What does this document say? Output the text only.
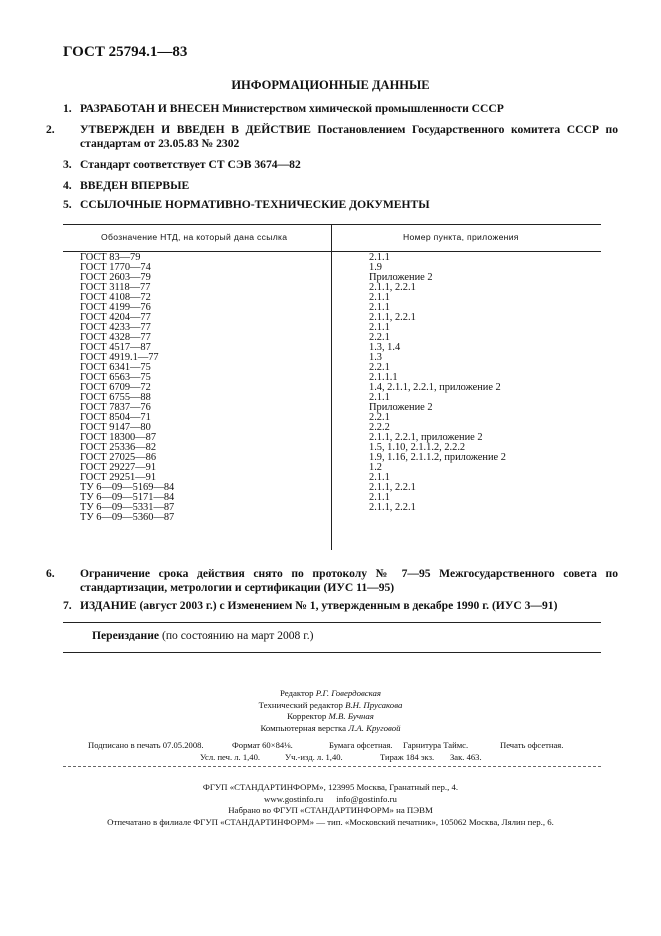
ГОСТ 25794.1—83
ИНФОРМАЦИОННЫЕ ДАННЫЕ
1. РАЗРАБОТАН И ВНЕСЕН Министерством химической промышленности СССР
2. УТВЕРЖДЕН И ВВЕДЕН В ДЕЙСТВИЕ Постановлением Государственного комитета СССР по стандартам от 23.05.83 № 2302
3. Стандарт соответствует СТ СЭВ 3674—82
4. ВВЕДЕН ВПЕРВЫЕ
5. ССЫЛОЧНЫЕ НОРМАТИВНО-ТЕХНИЧЕСКИЕ ДОКУМЕНТЫ
Обозначение НТД, на который дана ссылка	Номер пункта, приложения
ГОСТ 83—79	2.1.1
ГОСТ 1770—74	1.9
ГОСТ 2603—79	Приложение 2
ГОСТ 3118—77	2.1.1, 2.2.1
ГОСТ 4108—72	2.1.1
ГОСТ 4199—76	2.1.1
ГОСТ 4204—77	2.1.1, 2.2.1
ГОСТ 4233—77	2.1.1
ГОСТ 4328—77	2.2.1
ГОСТ 4517—87	1.3, 1.4
ГОСТ 4919.1—77	1.3
ГОСТ 6341—75	2.2.1
ГОСТ 6563—75	2.1.1.1
ГОСТ 6709—72	1.4, 2.1.1, 2.2.1, приложение 2
ГОСТ 6755—88	2.1.1
ГОСТ 7837—76	Приложение 2
ГОСТ 8504—71	2.2.1
ГОСТ 9147—80	2.2.2
ГОСТ 18300—87	2.1.1, 2.2.1, приложение 2
ГОСТ 25336—82	1.5, 1.10, 2.1.1.2, 2.2.2
ГОСТ 27025—86	1.9, 1.16, 2.1.1.2, приложение 2
ГОСТ 29227—91	1.2
ГОСТ 29251—91	2.1.1
ТУ 6—09—5169—84	2.1.1, 2.2.1
ТУ 6—09—5171—84	2.1.1
ТУ 6—09—5331—87	2.1.1, 2.2.1
ТУ 6—09—5360—87
6. Ограничение срока действия снято по протоколу № 7—95 Межгосударственного совета по стандартизации, метрологии и сертификации (ИУС 11—95)
7. ИЗДАНИЕ (август 2003 г.) с Изменением № 1, утвержденным в декабре 1990 г. (ИУС 3—91)
Переиздание (по состоянию на март 2008 г.)
Редактор Р.Г. Говердовская
Технический редактор В.Н. Прусакова
Корректор М.В. Бучная
Компьютерная верстка Л.А. Круговой
Подписано в печать 07.05.2008.	Формат 60×84⅛.	Бумага офсетная. Гарнитура Таймс.	Печать офсетная.
Усл. печ. л. 1,40.	Уч.-изд. л. 1,40.	Тираж 184 экз. Зак. 463.
ФГУП «СТАНДАРТИНФОРМ», 123995 Москва, Гранатный пер., 4.
www.gostinfo.ru      info@gostinfo.ru
Набрано во ФГУП «СТАНДАРТИНФОРМ» на ПЭВМ
Отпечатано в филиале ФГУП «СТАНДАРТИНФОРМ» — тип. «Московский печатник», 105062 Москва, Лялин пер., 6.
